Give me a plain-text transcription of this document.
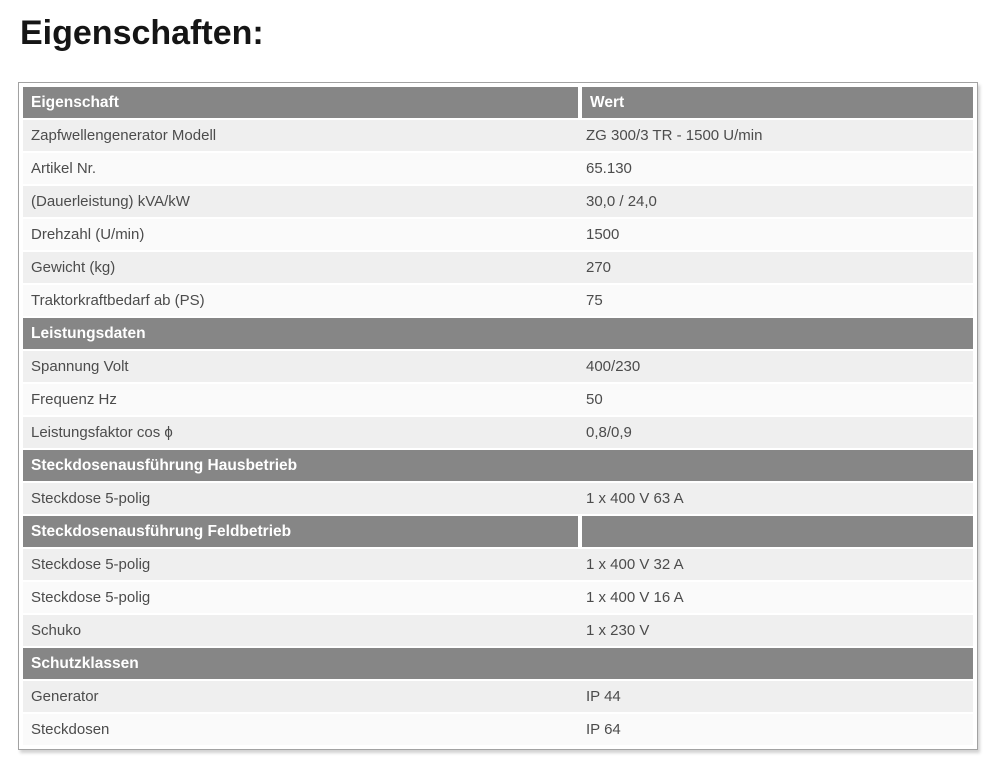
Eigenschaften:
Eigenschaft	Wert
Zapfwellengenerator Modell	ZG 300/3 TR - 1500 U/min
Artikel Nr.	65.130
(Dauerleistung) kVA/kW	30,0 / 24,0
Drehzahl (U/min)	1500
Gewicht (kg)	270
Traktorkraftbedarf ab (PS)	75
Leistungsdaten
Spannung Volt	400/230
Frequenz Hz	50
Leistungsfaktor cos ϕ	0,8/0,9
Steckdosenausführung Hausbetrieb
Steckdose 5-polig	1 x 400 V 63 A
Steckdosenausführung Feldbetrieb
Steckdose 5-polig	1 x 400 V 32 A
Steckdose 5-polig	1 x 400 V 16 A
Schuko	1 x 230 V
Schutzklassen
Generator	IP 44
Steckdosen	IP 64
